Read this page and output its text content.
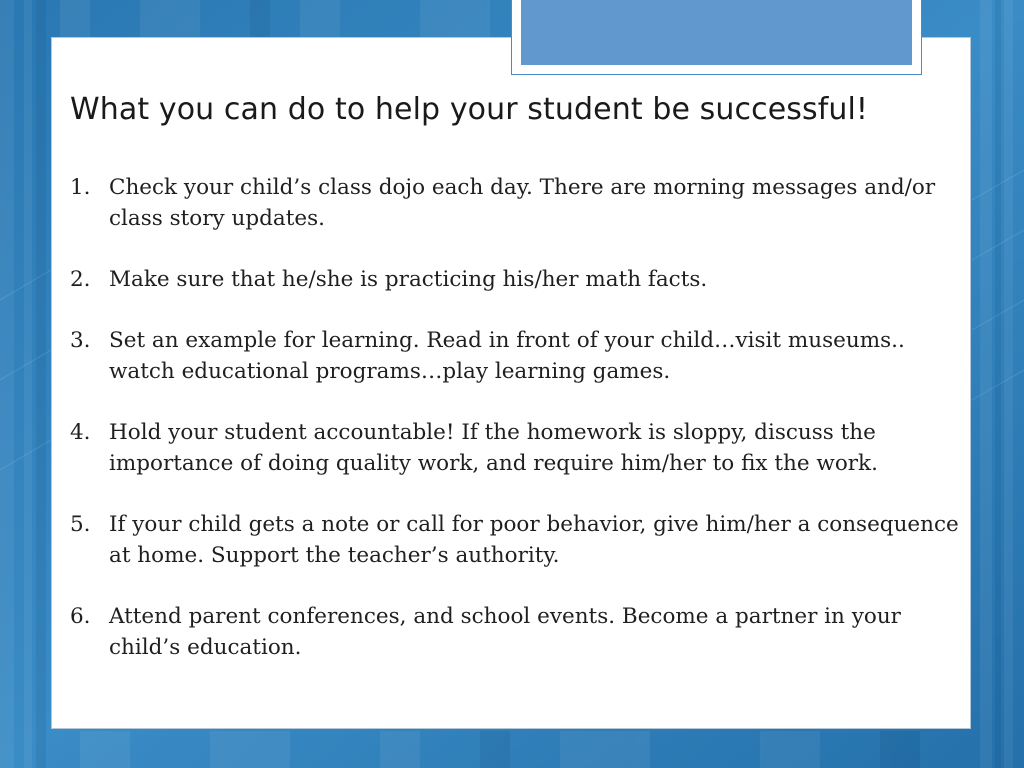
What you can do to help your student be successful!
1. Check your child’s class dojo each day. There are morning messages and/or class story updates.
2. Make sure that he/she is practicing his/her math facts.
3. Set an example for learning. Read in front of your child…visit museums.. watch educational programs…play learning games.
4. Hold your student accountable! If the homework is sloppy, discuss the importance of doing quality work, and require him/her to fix the work.
5. If your child gets a note or call for poor behavior, give him/her a consequence at home. Support the teacher’s authority.
6. Attend parent conferences, and school events. Become a partner in your child’s education.
